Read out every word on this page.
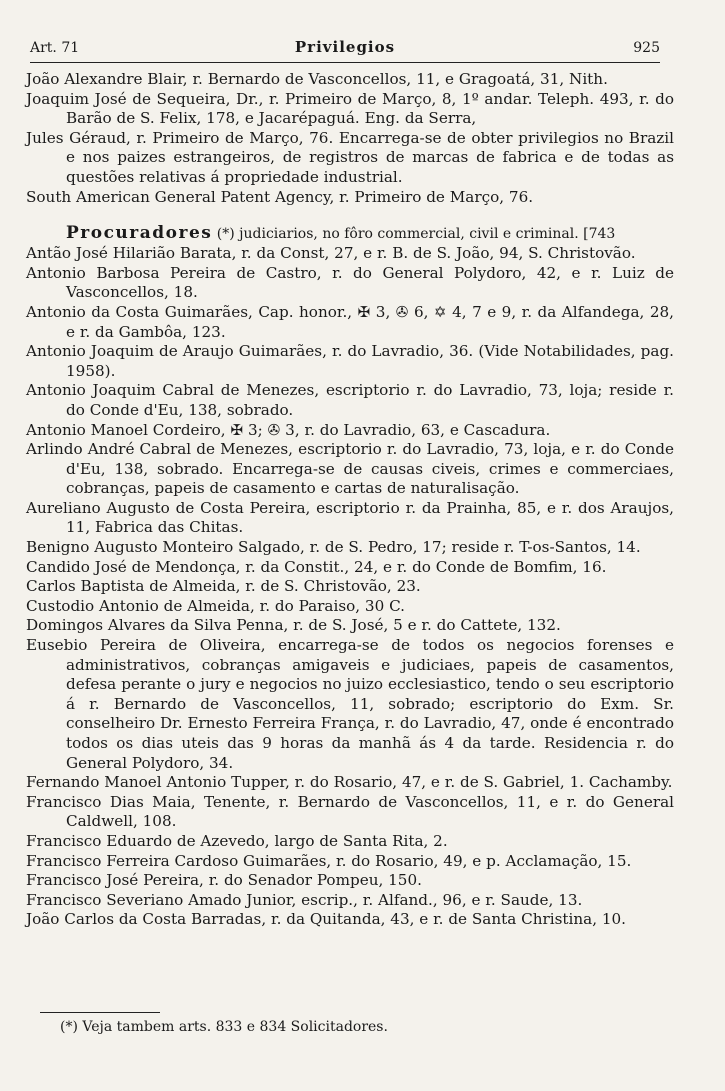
Art. 71	Privilegios	925

João Alexandre Blair, r. Bernardo de Vasconcellos, 11, e Gragoatá, 31, Nith.

Joaquim José de Sequeira, Dr., r. Primeiro de Março, 8, 1º andar. Teleph. 493, r. do Barão de S. Felix, 178, e Jacarépaguá. Eng. da Serra,

Jules Géraud, r. Primeiro de Março, 76. Encarrega-se de obter privilegios no Brazil e nos paizes estrangeiros, de registros de marcas de fabrica e de todas as questões relativas á propriedade industrial.

South American General Patent Agency, r. Primeiro de Março, 76.

Procuradores (*) judiciarios, no fôro commercial, civil e criminal. [743

Antão José Hilarião Barata, r. da Const, 27, e r. B. de S. João, 94, S. Christovão.

Antonio Barbosa Pereira de Castro, r. do General Polydoro, 42, e r. Luiz de Vasconcellos, 18.

Antonio da Costa Guimarães, Cap. honor., ✠ 3, ✇ 6, ✡ 4, 7 e 9, r. da Alfandega, 28, e r. da Gambôa, 123.

Antonio Joaquim de Araujo Guimarães, r. do Lavradio, 36. (Vide Notabilidades, pag. 1958).

Antonio Joaquim Cabral de Menezes, escriptorio r. do Lavradio, 73, loja; reside r. do Conde d'Eu, 138, sobrado.

Antonio Manoel Cordeiro, ✠ 3; ✇ 3, r. do Lavradio, 63, e Cascadura.

Arlindo André Cabral de Menezes, escriptorio r. do Lavradio, 73, loja, e r. do Conde d'Eu, 138, sobrado. Encarrega-se de causas civeis, crimes e commerciaes, cobranças, papeis de casamento e cartas de naturalisação.

Aureliano Augusto de Costa Pereira, escriptorio r. da Prainha, 85, e r. dos Araujos, 11, Fabrica das Chitas.

Benigno Augusto Monteiro Salgado, r. de S. Pedro, 17; reside r. T-os-Santos, 14.

Candido José de Mendonça, r. da Constit., 24, e r. do Conde de Bomfim, 16.

Carlos Baptista de Almeida, r. de S. Christovão, 23.

Custodio Antonio de Almeida, r. do Paraiso, 30 C.

Domingos Alvares da Silva Penna, r. de S. José, 5 e r. do Cattete, 132.

Eusebio Pereira de Oliveira, encarrega-se de todos os negocios forenses e administrativos, cobranças amigaveis e judiciaes, papeis de casamentos, defesa perante o jury e negocios no juizo ecclesiastico, tendo o seu escriptorio á r. Bernardo de Vasconcellos, 11, sobrado; escriptorio do Exm. Sr. conselheiro Dr. Ernesto Ferreira França, r. do Lavradio, 47, onde é encontrado todos os dias uteis das 9 horas da manhã ás 4 da tarde. Residencia r. do General Polydoro, 34.

Fernando Manoel Antonio Tupper, r. do Rosario, 47, e r. de S. Gabriel, 1. Cachamby.

Francisco Dias Maia, Tenente, r. Bernardo de Vasconcellos, 11, e r. do General Caldwell, 108.

Francisco Eduardo de Azevedo, largo de Santa Rita, 2.

Francisco Ferreira Cardoso Guimarães, r. do Rosario, 49, e p. Acclamação, 15.

Francisco José Pereira, r. do Senador Pompeu, 150.

Francisco Severiano Amado Junior, escrip., r. Alfand., 96, e r. Saude, 13.

João Carlos da Costa Barradas, r. da Quitanda, 43, e r. de Santa Christina, 10.

(*) Veja tambem arts. 833 e 834 Solicitadores.
